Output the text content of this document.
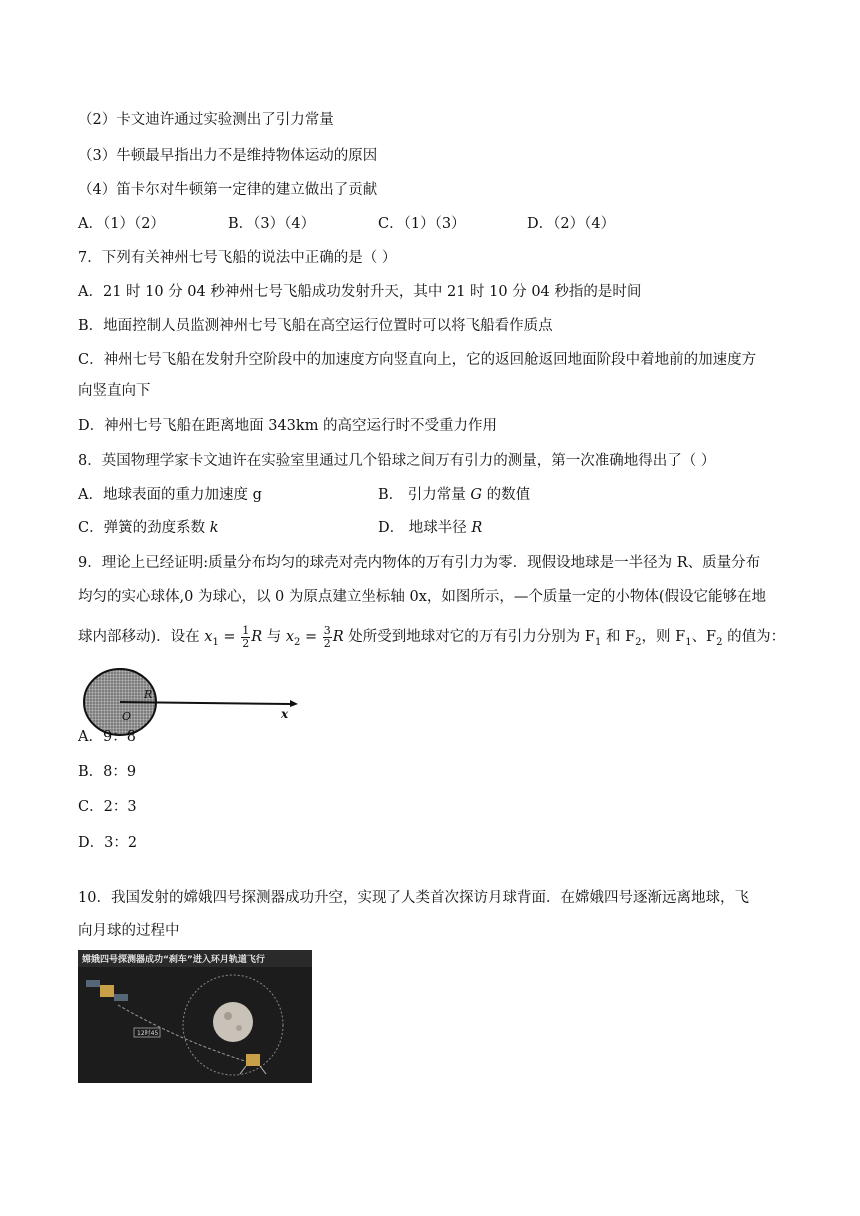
（2）卡文迪许通过实验测出了引力常量
（3）牛顿最早指出力不是维持物体运动的原因
（4）笛卡尔对牛顿第一定律的建立做出了贡献
A．（1）（2）	B．（3）（4）	C．（1）（3）	D．（2）（4）
7．下列有关神州七号飞船的说法中正确的是（ ）
A．21 时 10 分 04 秒神州七号飞船成功发射升天，其中 21 时 10 分 04 秒指的是时间
B．地面控制人员监测神州七号飞船在高空运行位置时可以将飞船看作质点
C．神州七号飞船在发射升空阶段中的加速度方向竖直向上，它的返回舱返回地面阶段中着地前的加速度方
向竖直向下
D．神州七号飞船在距离地面 343km 的高空运行时不受重力作用
8．英国物理学家卡文迪许在实验室里通过几个铅球之间万有引力的测量，第一次准确地得出了（ ）
A．地球表面的重力加速度 g	B． 引力常量 G 的数值
C．弹簧的劲度系数 k	D． 地球半径 R
9．理论上已经证明:质量分布均匀的球壳对壳内物体的万有引力为零．现假设地球是一半径为 R、质量分布
均匀的实心球体,0 为球心，以 0 为原点建立坐标轴 0x，如图所示，—个质量一定的小物体(假设它能够在地
球内部移动)．设在 $x_1 = \frac{1}{2}$ R 与 $x_2 = \frac{3}{2}$ R 处所受到地球对它的万有引力分别为 $F_1$ 和 $F_2$，则 $F_1$、$F_2$ 的值为：
R
O	x
A．9：8
B．8：9
C．2：3
D．3：2
10．我国发射的嫦娥四号探测器成功升空，实现了人类首次探访月球背面．在嫦娥四号逐渐远离地球，飞
向月球的过程中
嫦娥四号探测器成功“刹车”进入环月轨道飞行
12时45
